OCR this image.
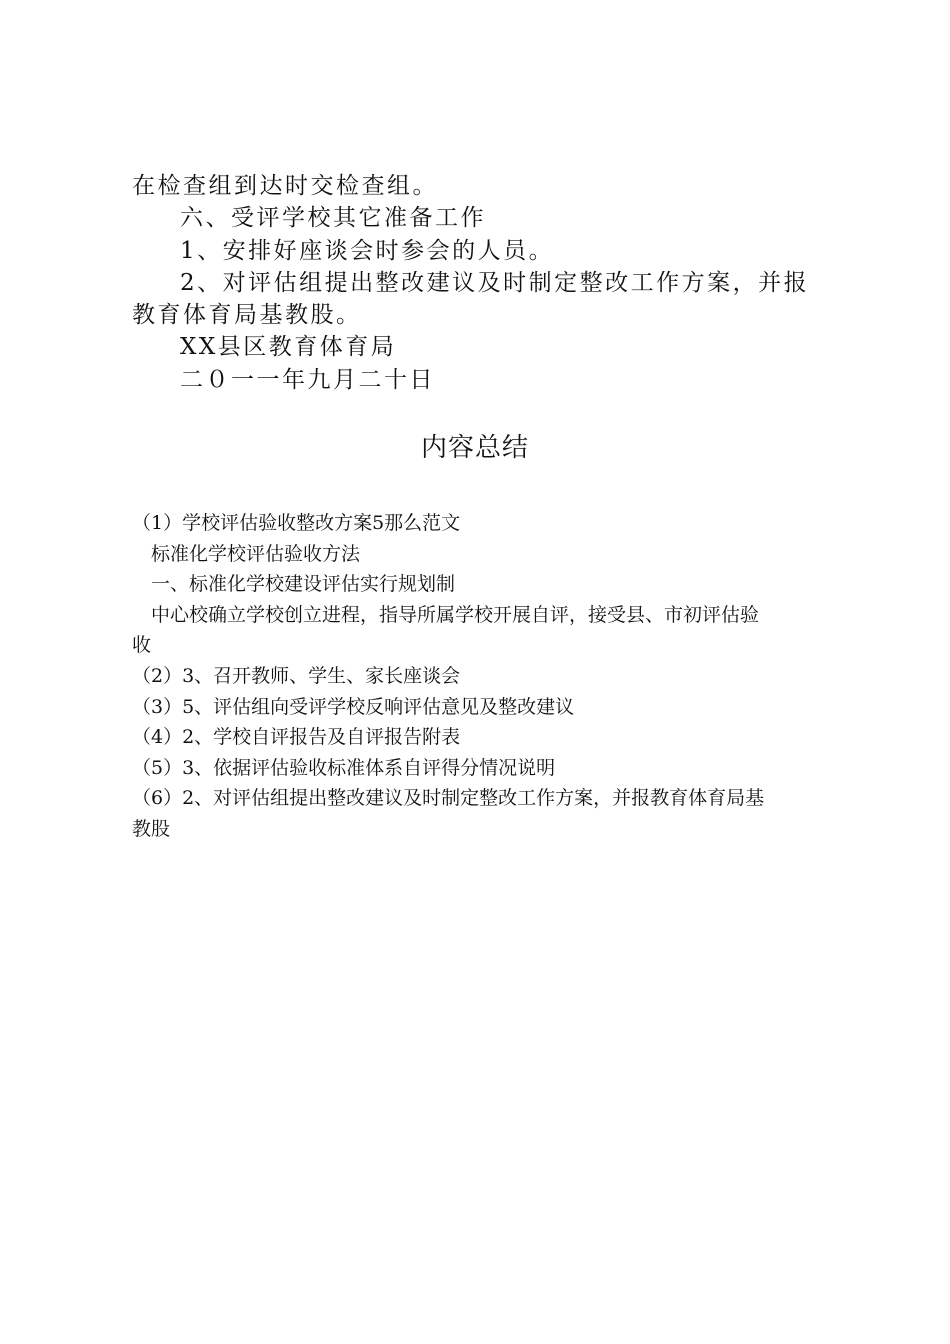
在检查组到达时交检查组。

六、受评学校其它准备工作

1、安排好座谈会时参会的人员。

2、对评估组提出整改建议及时制定整改工作方案，并报

教育体育局基教股。

XX县区教育体育局

二０一一年九月二十日

内容总结

（1）学校评估验收整改方案5那么范文

标准化学校评估验收方法

一、标准化学校建设评估实行规划制

中心校确立学校创立进程，指导所属学校开展自评，接受县、市初评估验

收

（2）3、召开教师、学生、家长座谈会

（3）5、评估组向受评学校反响评估意见及整改建议

（4）2、学校自评报告及自评报告附表

（5）3、依据评估验收标准体系自评得分情况说明

（6）2、对评估组提出整改建议及时制定整改工作方案，并报教育体育局基

教股
